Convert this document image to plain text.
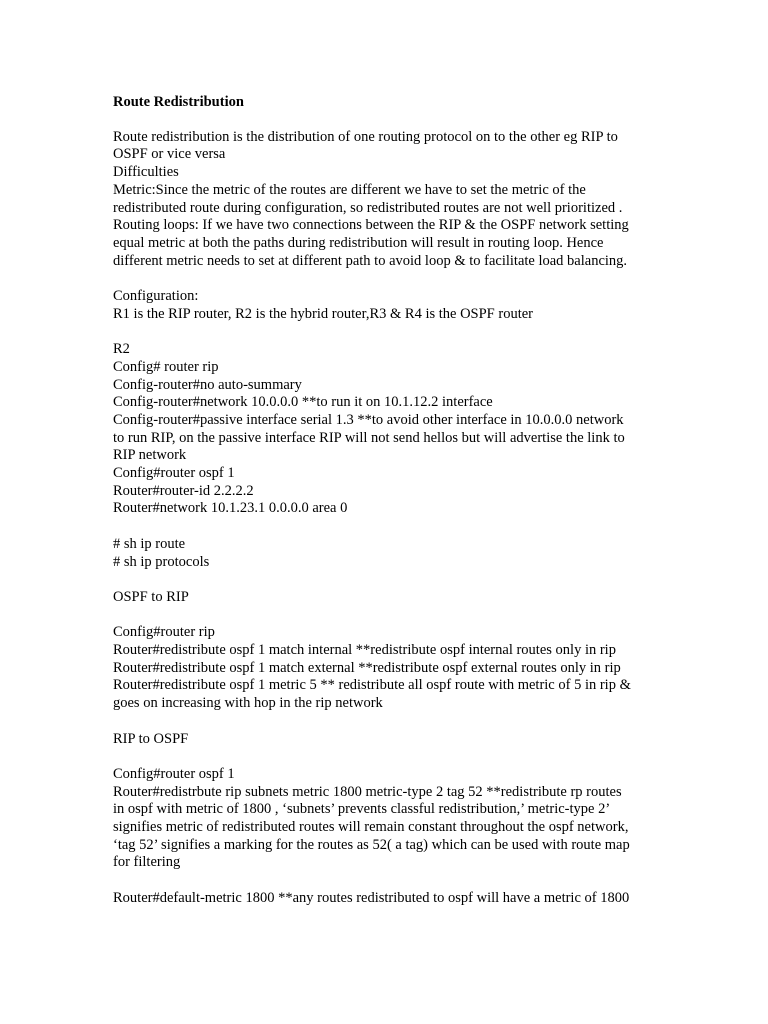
Route Redistribution

Route redistribution is the distribution of one routing protocol on to the other eg RIP to

OSPF or vice versa

Difficulties

Metric:Since the metric of the routes are different we have to set the metric of the

redistributed route during configuration, so redistributed routes are not well prioritized .

Routing loops: If we have two connections between the RIP & the OSPF network setting

equal metric at both the paths during redistribution will result in routing loop. Hence

different metric needs to set at different path to avoid loop & to facilitate load balancing.

Configuration:

R1 is the RIP router, R2 is the hybrid router,R3 & R4 is the OSPF router

R2

Config# router rip

Config-router#no auto-summary

Config-router#network 10.0.0.0 **to run it on 10.1.12.2 interface

Config-router#passive interface serial 1.3 **to avoid other interface in 10.0.0.0 network

to run RIP, on the passive interface RIP will not send hellos but will advertise the link to

RIP network

Config#router ospf 1

Router#router-id 2.2.2.2

Router#network 10.1.23.1 0.0.0.0 area 0

# sh ip route

# sh ip protocols

OSPF to RIP

Config#router rip

Router#redistribute ospf 1 match internal **redistribute ospf internal routes only in rip

Router#redistribute ospf 1 match external **redistribute ospf external routes only in rip

Router#redistribute ospf 1 metric 5 ** redistribute all ospf route with metric of 5 in rip &

goes on increasing with hop in the rip network

RIP to OSPF

Config#router ospf 1

Router#redistrbute rip subnets metric 1800 metric-type 2 tag 52 **redistribute rp routes

in ospf with metric of 1800 , ‘subnets’ prevents classful redistribution,’ metric-type 2’

signifies metric of redistributed routes will remain constant throughout the ospf network,

‘tag 52’ signifies a marking for the routes as 52( a tag) which can be used with route map

for filtering

Router#default-metric 1800 **any routes redistributed to ospf will have a metric of 1800
